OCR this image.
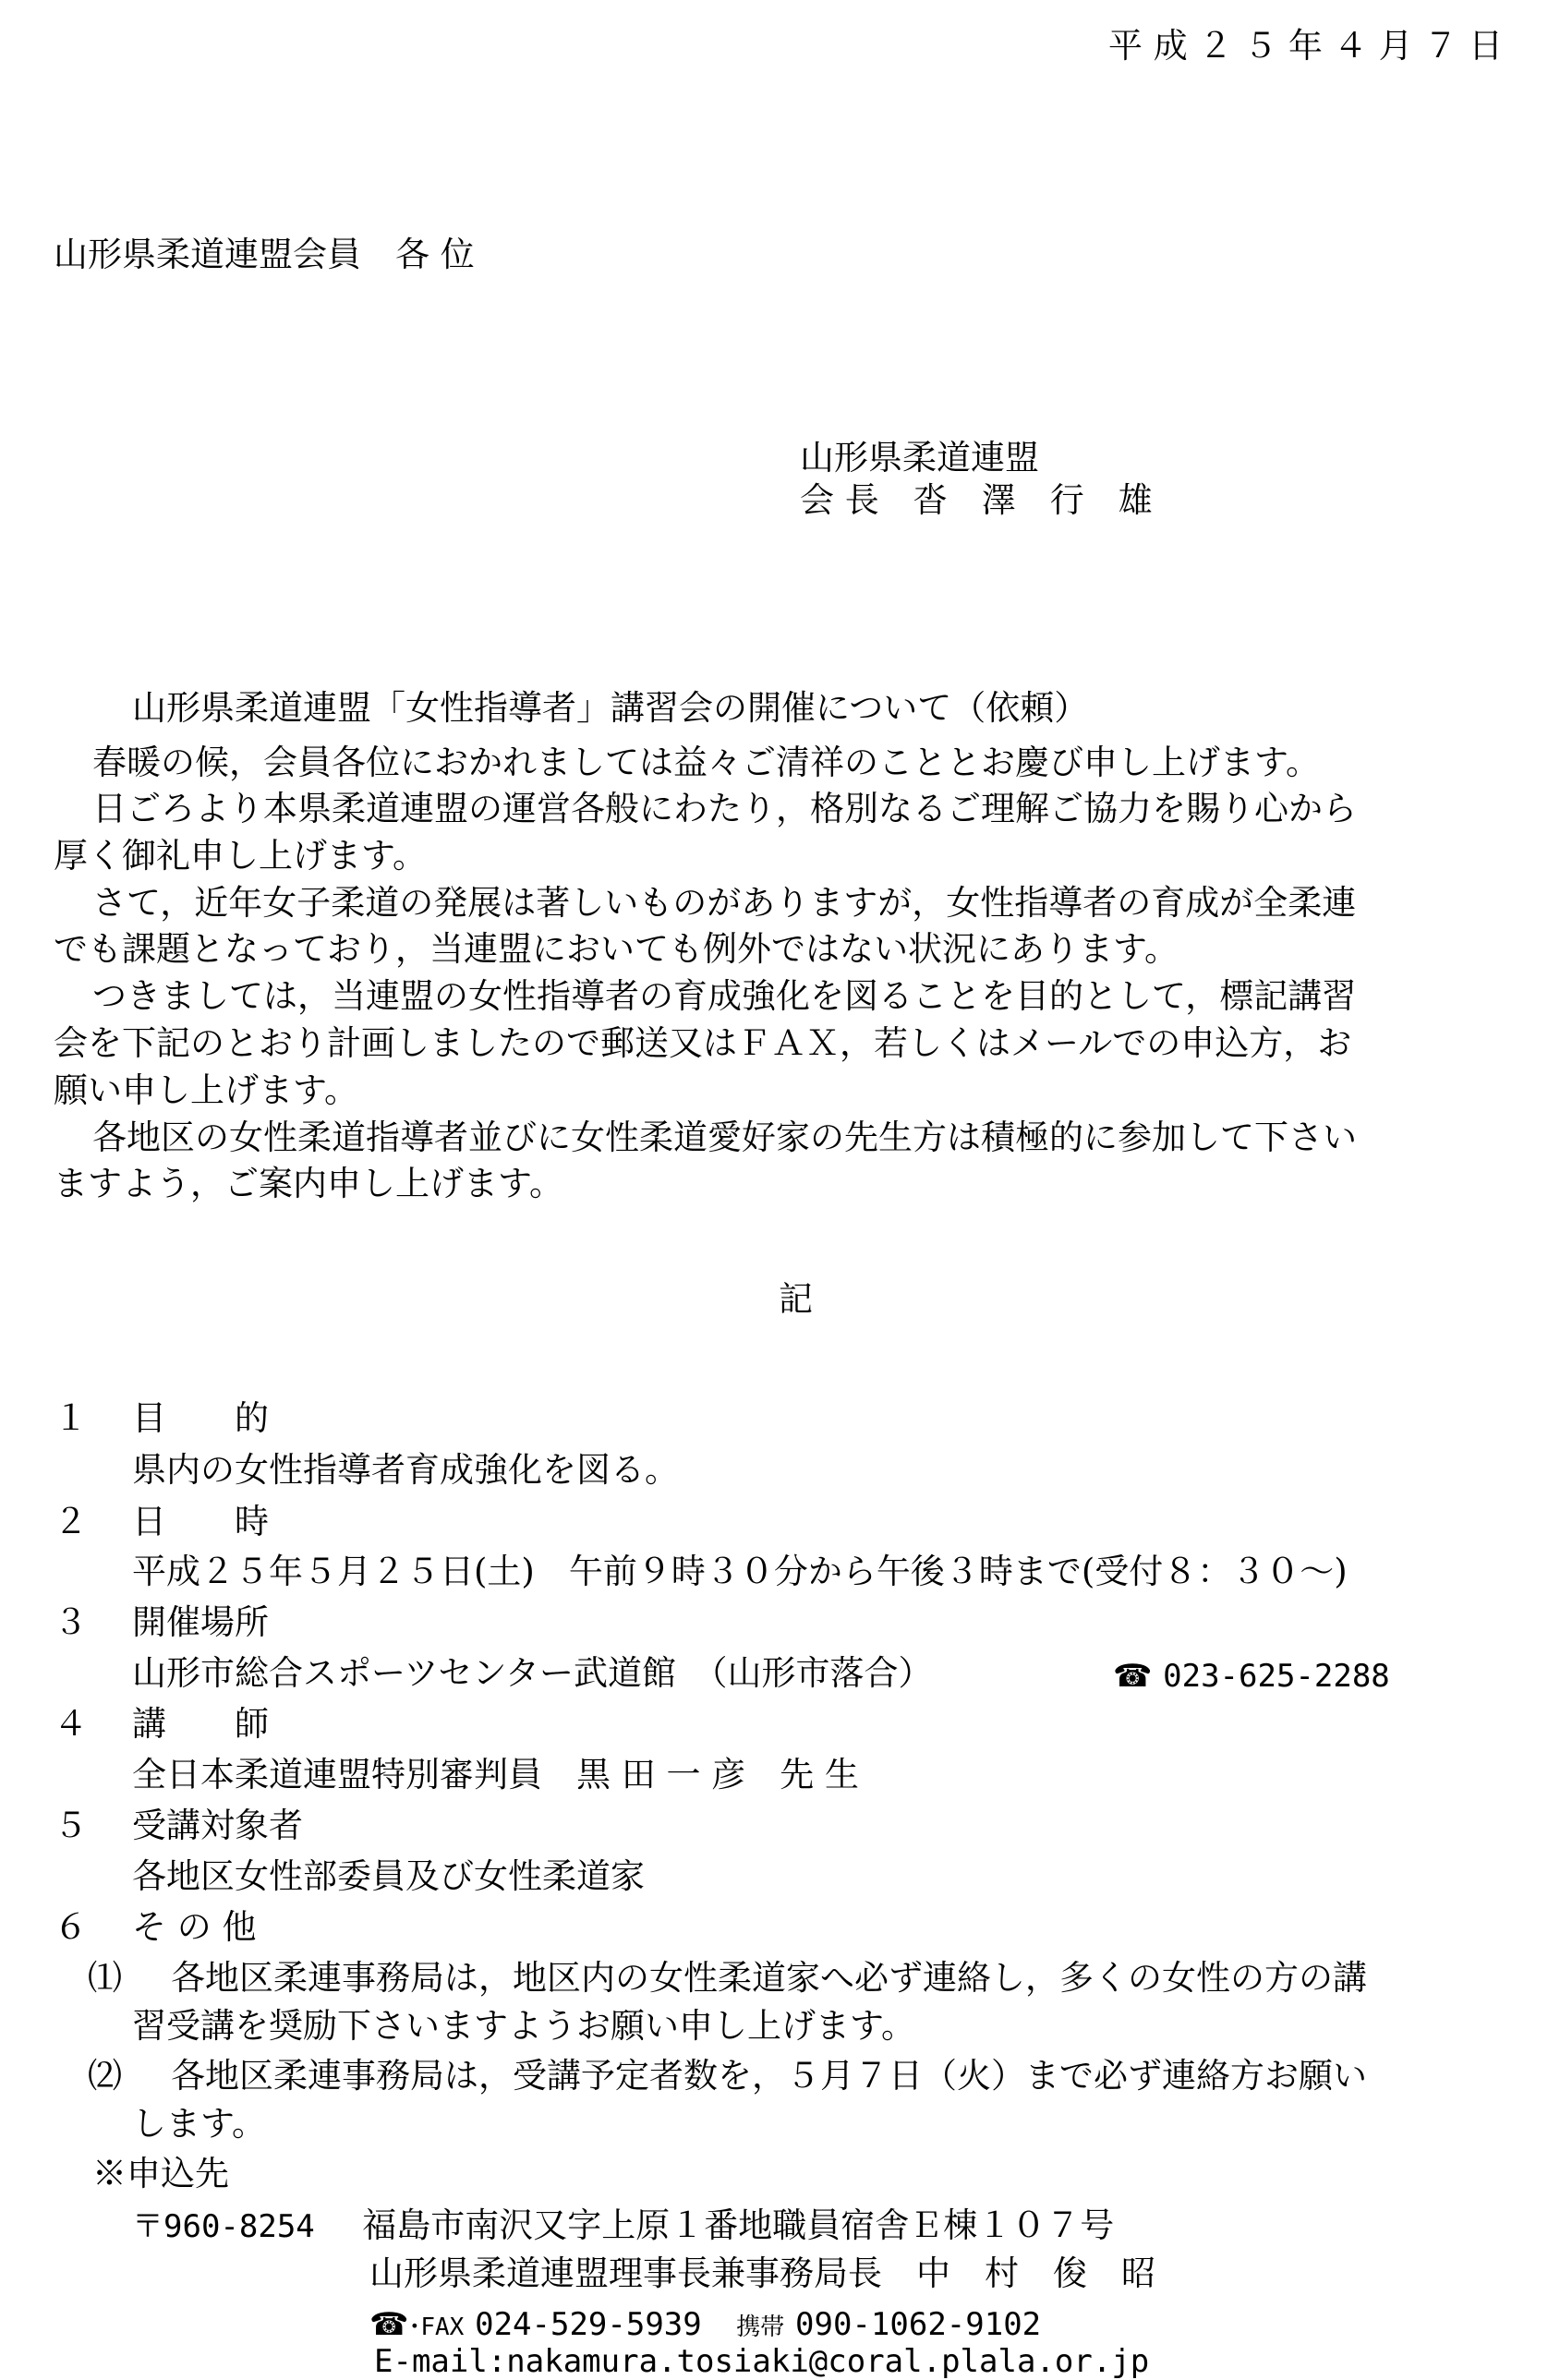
平 成 ２ ５ 年 ４ 月 ７ 日
山形県柔道連盟会員　各 位
山形県柔道連盟
会 長　沓　澤　行　雄
山形県柔道連盟「女性指導者」講習会の開催について（依頼）
春暖の候，会員各位におかれましては益々ご清祥のこととお慶び申し上げます。
日ごろより本県柔道連盟の運営各般にわたり，格別なるご理解ご協力を賜り心から
厚く御礼申し上げます。
さて，近年女子柔道の発展は著しいものがありますが，女性指導者の育成が全柔連
でも課題となっており，当連盟においても例外ではない状況にあります。
つきましては，当連盟の女性指導者の育成強化を図ることを目的として，標記講習
会を下記のとおり計画しましたので郵送又はＦＡＸ，若しくはメールでの申込方，お
願い申し上げます。
各地区の女性柔道指導者並びに女性柔道愛好家の先生方は積極的に参加して下さい
ますよう，ご案内申し上げます。
記
１ 目　　的
県内の女性指導者育成強化を図る。
２ 日　　時
平成２５年５月２５日(土)　午前９時３０分から午後３時まで(受付８：３０～)
３ 開催場所
山形市総合スポーツセンター武道館　（山形市落合）	☎ 023-625-2288
４ 講　　師
全日本柔道連盟特別審判員　黒 田 一 彦　先 生
５ 受講対象者
各地区女性部委員及び女性柔道家
６ そ の 他
⑴ 各地区柔連事務局は，地区内の女性柔道家へ必ず連絡し，多くの女性の方の講
習受講を奨励下さいますようお願い申し上げます。
⑵ 各地区柔連事務局は，受講予定者数を，５月７日（火）まで必ず連絡方お願い
します。
※申込先
〒960-8254 福島市南沢又字上原１番地職員宿舎Ｅ棟１０７号
山形県柔道連盟理事長兼事務局長　中　村　俊　昭
☎･FAX 024-529-5939 携帯 090-1062-9102
E-mail:nakamura.tosiaki@coral.plala.or.jp
